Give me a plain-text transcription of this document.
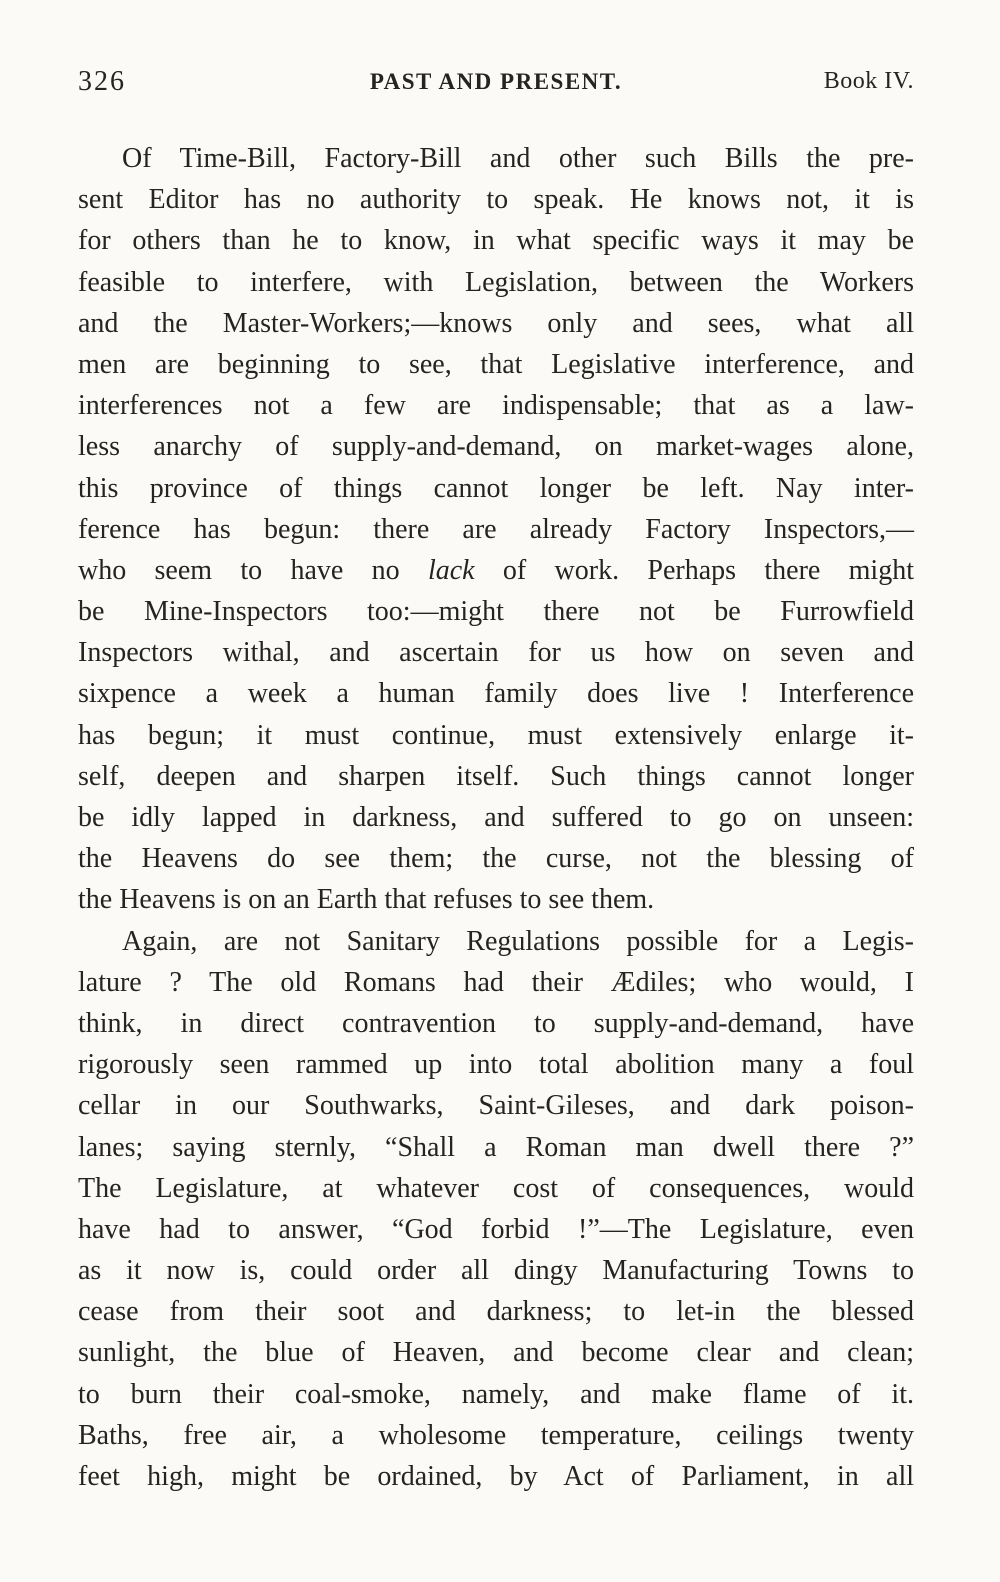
326	PAST AND PRESENT.	Book IV.
Of Time-Bill, Factory-Bill and other such Bills the pre-
sent Editor has no authority to speak. He knows not, it is
for others than he to know, in what specific ways it may be
feasible to interfere, with Legislation, between the Workers
and the Master-Workers;—knows only and sees, what all
men are beginning to see, that Legislative interference, and
interferences not a few are indispensable; that as a law-
less anarchy of supply-and-demand, on market-wages alone,
this province of things cannot longer be left. Nay inter-
ference has begun: there are already Factory Inspectors,—
who seem to have no lack of work. Perhaps there might
be Mine-Inspectors too:—might there not be Furrowfield
Inspectors withal, and ascertain for us how on seven and
sixpence a week a human family does live ! Interference
has begun; it must continue, must extensively enlarge it-
self, deepen and sharpen itself. Such things cannot longer
be idly lapped in darkness, and suffered to go on unseen:
the Heavens do see them; the curse, not the blessing of
the Heavens is on an Earth that refuses to see them.
Again, are not Sanitary Regulations possible for a Legis-
lature ? The old Romans had their Ædiles; who would, I
think, in direct contravention to supply-and-demand, have
rigorously seen rammed up into total abolition many a foul
cellar in our Southwarks, Saint-Gileses, and dark poison-
lanes; saying sternly, “Shall a Roman man dwell there ?”
The Legislature, at whatever cost of consequences, would
have had to answer, “God forbid !”—The Legislature, even
as it now is, could order all dingy Manufacturing Towns to
cease from their soot and darkness; to let-in the blessed
sunlight, the blue of Heaven, and become clear and clean;
to burn their coal-smoke, namely, and make flame of it.
Baths, free air, a wholesome temperature, ceilings twenty
feet high, might be ordained, by Act of Parliament, in all
